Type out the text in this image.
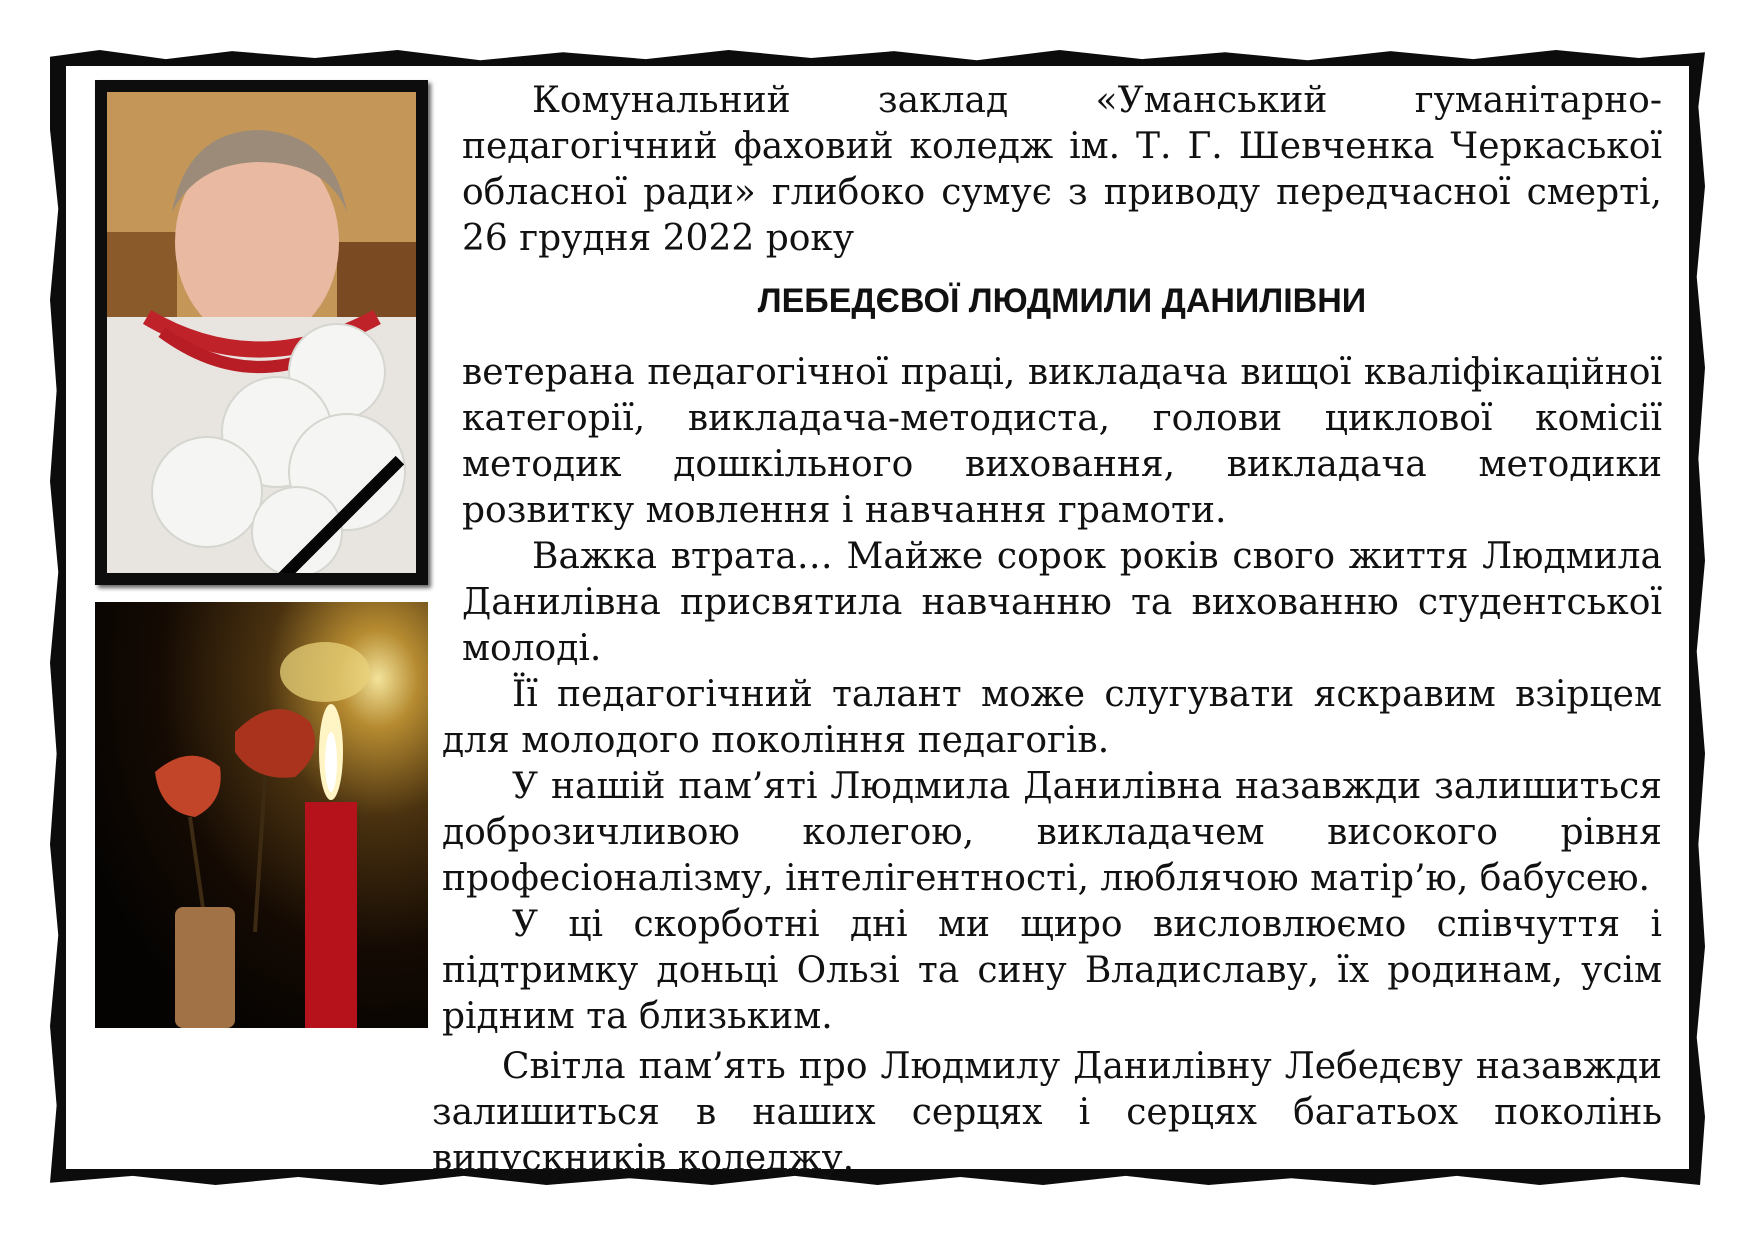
Комунальний заклад «Уманський гуманітарно-педагогічний фаховий коледж ім. Т. Г. Шевченка Черкаської обласної ради» глибоко сумує з приводу передчасної смерті, 26 грудня 2022 року

ЛЕБЕДЄВОЇ ЛЮДМИЛИ ДАНИЛІВНИ

ветерана педагогічної праці, викладача вищої кваліфікаційної категорії, викладача-методиста, голови циклової комісії методик дошкільного виховання, викладача методики розвитку мовлення і навчання грамоти.

Важка втрата… Майже сорок років свого життя Людмила Данилівна присвятила навчанню та вихованню студентської молоді.

Її педагогічний талант може слугувати яскравим взірцем для молодого покоління педагогів.

У нашій пам’яті Людмила Данилівна назавжди залишиться доброзичливою колегою, викладачем високого рівня професіоналізму, інтелігентності, люблячою матір’ю, бабусею.

У ці скорботні дні ми щиро висловлюємо співчуття і підтримку доньці Ользі та сину Владиславу, їх родинам, усім рідним та близьким.

Світла пам’ять про Людмилу Данилівну Лебедєву назавжди залишиться в наших серцях і серцях багатьох поколінь випускників коледжу.
